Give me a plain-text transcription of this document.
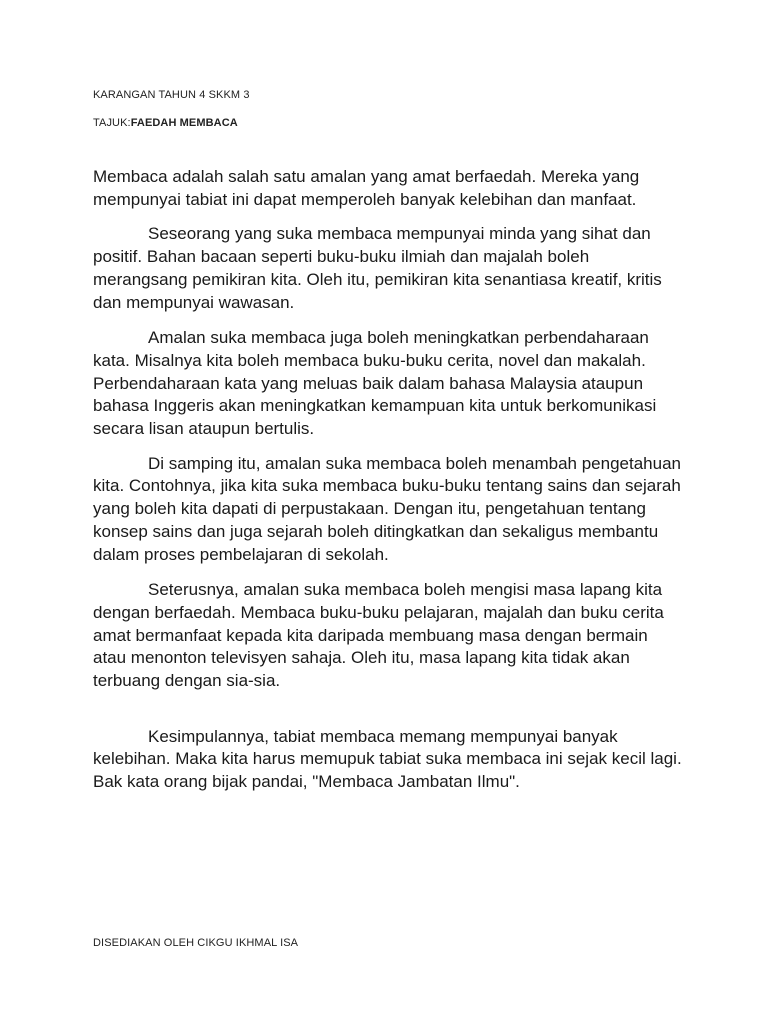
KARANGAN TAHUN 4 SKKM 3
TAJUK:FAEDAH MEMBACA

Membaca adalah salah satu amalan yang amat berfaedah. Mereka yang mempunyai tabiat ini dapat memperoleh banyak kelebihan dan manfaat.

Seseorang yang suka membaca mempunyai minda yang sihat dan positif. Bahan bacaan seperti buku-buku ilmiah dan majalah boleh merangsang pemikiran kita. Oleh itu, pemikiran kita senantiasa kreatif, kritis dan mempunyai wawasan.

Amalan suka membaca juga boleh meningkatkan perbendaharaan kata. Misalnya kita boleh membaca buku-buku cerita, novel dan makalah. Perbendaharaan kata yang meluas baik dalam bahasa Malaysia ataupun bahasa Inggeris akan meningkatkan kemampuan kita untuk berkomunikasi secara lisan ataupun bertulis.

Di samping itu, amalan suka membaca boleh menambah pengetahuan kita. Contohnya, jika kita suka membaca buku-buku tentang sains dan sejarah yang boleh kita dapati di perpustakaan. Dengan itu, pengetahuan tentang konsep sains dan juga sejarah boleh ditingkatkan dan sekaligus membantu dalam proses pembelajaran di sekolah.

Seterusnya, amalan suka membaca boleh mengisi masa lapang kita dengan berfaedah. Membaca buku-buku pelajaran, majalah dan buku cerita amat bermanfaat kepada kita daripada membuang masa dengan bermain atau menonton televisyen sahaja. Oleh itu, masa lapang kita tidak akan terbuang dengan sia-sia.

Kesimpulannya, tabiat membaca memang mempunyai banyak kelebihan. Maka kita harus memupuk tabiat suka membaca ini sejak kecil lagi. Bak kata orang bijak pandai, "Membaca Jambatan Ilmu".

DISEDIAKAN OLEH CIKGU IKHMAL ISA
